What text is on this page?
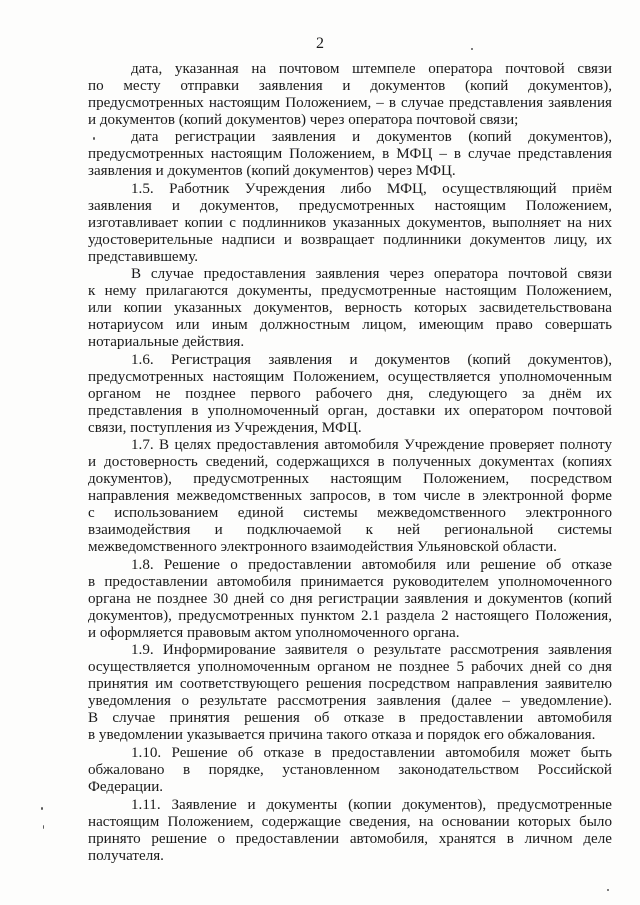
2
дата, указанная на почтовом штемпеле оператора почтовой связи
по месту отправки заявления и документов (копий документов),
предусмотренных настоящим Положением, – в случае представления заявления
и документов (копий документов) через оператора почтовой связи;
дата регистрации заявления и документов (копий документов),
предусмотренных настоящим Положением, в МФЦ – в случае представления
заявления и документов (копий документов) через МФЦ.
1.5. Работник Учреждения либо МФЦ, осуществляющий приём
заявления и документов, предусмотренных настоящим Положением,
изготавливает копии с подлинников указанных документов, выполняет на них
удостоверительные надписи и возвращает подлинники документов лицу, их
представившему.
В случае предоставления заявления через оператора почтовой связи
к нему прилагаются документы, предусмотренные настоящим Положением,
или копии указанных документов, верность которых засвидетельствована
нотариусом или иным должностным лицом, имеющим право совершать
нотариальные действия.
1.6. Регистрация заявления и документов (копий документов),
предусмотренных настоящим Положением, осуществляется уполномоченным
органом не позднее первого рабочего дня, следующего за днём их
представления в уполномоченный орган, доставки их оператором почтовой
связи, поступления из Учреждения, МФЦ.
1.7. В целях предоставления автомобиля Учреждение проверяет полноту
и достоверность сведений, содержащихся в полученных документах (копиях
документов), предусмотренных настоящим Положением, посредством
направления межведомственных запросов, в том числе в электронной форме
с использованием единой системы межведомственного электронного
взаимодействия и подключаемой к ней региональной системы
межведомственного электронного взаимодействия Ульяновской области.
1.8. Решение о предоставлении автомобиля или решение об отказе
в предоставлении автомобиля принимается руководителем уполномоченного
органа не позднее 30 дней со дня регистрации заявления и документов (копий
документов), предусмотренных пунктом 2.1 раздела 2 настоящего Положения,
и оформляется правовым актом уполномоченного органа.
1.9. Информирование заявителя о результате рассмотрения заявления
осуществляется уполномоченным органом не позднее 5 рабочих дней со дня
принятия им соответствующего решения посредством направления заявителю
уведомления о результате рассмотрения заявления (далее – уведомление).
В случае принятия решения об отказе в предоставлении автомобиля
в уведомлении указывается причина такого отказа и порядок его обжалования.
1.10. Решение об отказе в предоставлении автомобиля может быть
обжаловано в порядке, установленном законодательством Российской
Федерации.
1.11. Заявление и документы (копии документов), предусмотренные
настоящим Положением, содержащие сведения, на основании которых было
принято решение о предоставлении автомобиля, хранятся в личном деле
получателя.
